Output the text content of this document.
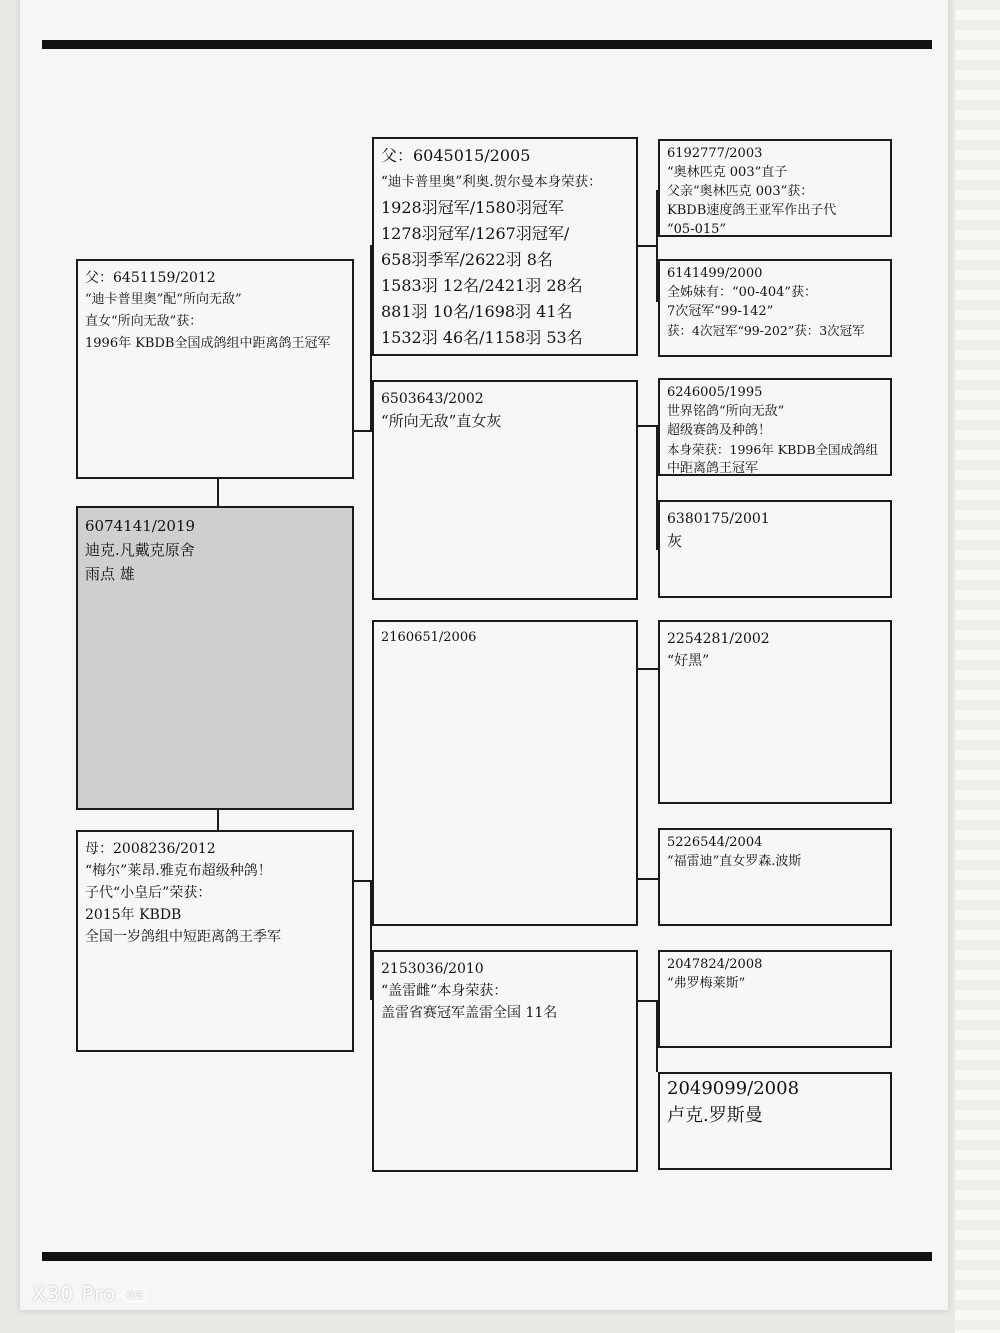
父：6451159/2012
“迪卡普里奥”配“所向无敌”
直女“所向无敌”获：
1996年 KBDB全国成鸽组中距离鸽王冠军
6074141/2019
迪克.凡戴克原舍
雨点 雄
母：2008236/2012
“梅尔”莱昂.雅克布超级种鸽！
子代“小皇后”荣获：
2015年 KBDB
全国一岁鸽组中短距离鸽王季军
父：6045015/2005
“迪卡普里奥”利奥.贺尔曼本身荣获：
1928羽冠军/1580羽冠军
1278羽冠军/1267羽冠军/
658羽季军/2622羽 8名
1583羽 12名/2421羽 28名
881羽 10名/1698羽 41名
1532羽 46名/1158羽 53名
6503643/2002
“所向无敌”直女灰
2160651/2006
2153036/2010
“盖雷雌”本身荣获：
盖雷省赛冠军盖雷全国 11名
6192777/2003
“奥林匹克 003”直子
父亲“奥林匹克 003”获：
KBDB速度鸽王亚军作出子代
“05-015”
6141499/2000
全姊妹有：“00-404”获：
7次冠军“99-142”
获：4次冠军“99-202”获：3次冠军
6246005/1995
世界铭鸽“所向无敌”
超级赛鸽及种鸽！
本身荣获：1996年 KBDB全国成鸽组
中距离鸽王冠军
6380175/2001
灰
2254281/2002
“好黑”
5226544/2004
“福雷迪”直女罗森.波斯
2047824/2008
“弗罗梅莱斯”
2049099/2008
卢克.罗斯曼
X30 Pro 5G
